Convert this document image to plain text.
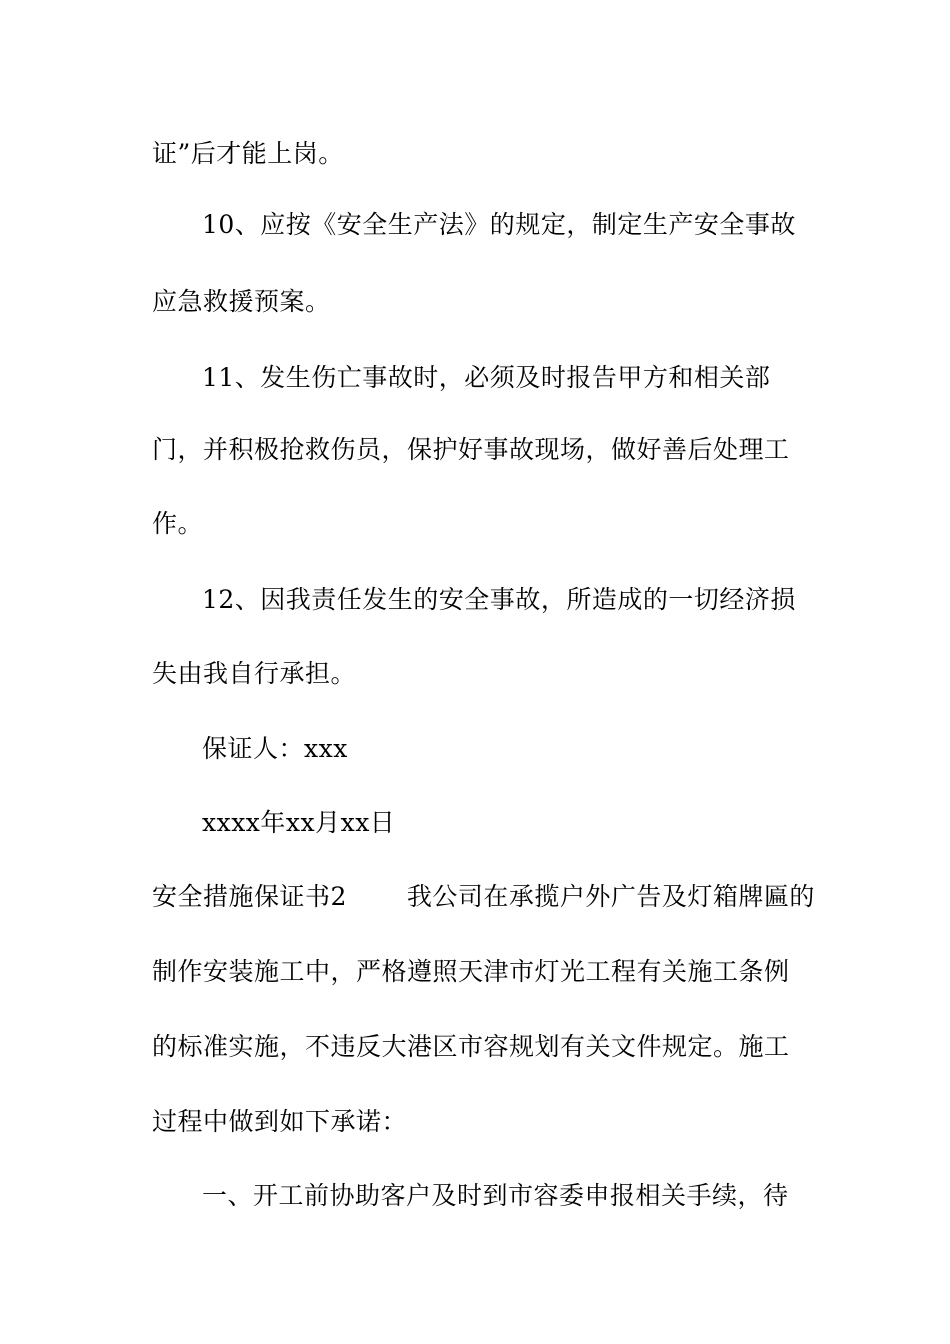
证”后才能上岗。
10、应按《安全生产法》的规定，制定生产安全事故
应急救援预案。
11、发生伤亡事故时，必须及时报告甲方和相关部
门，并积极抢救伤员，保护好事故现场，做好善后处理工
作。
12、因我责任发生的安全事故，所造成的一切经济损
失由我自行承担。
保证人：xxx
xxxx年xx月xx日
安全措施保证书2 我公司在承揽户外广告及灯箱牌匾的
制作安装施工中，严格遵照天津市灯光工程有关施工条例
的标准实施，不违反大港区市容规划有关文件规定。施工
过程中做到如下承诺：
一、开工前协助客户及时到市容委申报相关手续，待
